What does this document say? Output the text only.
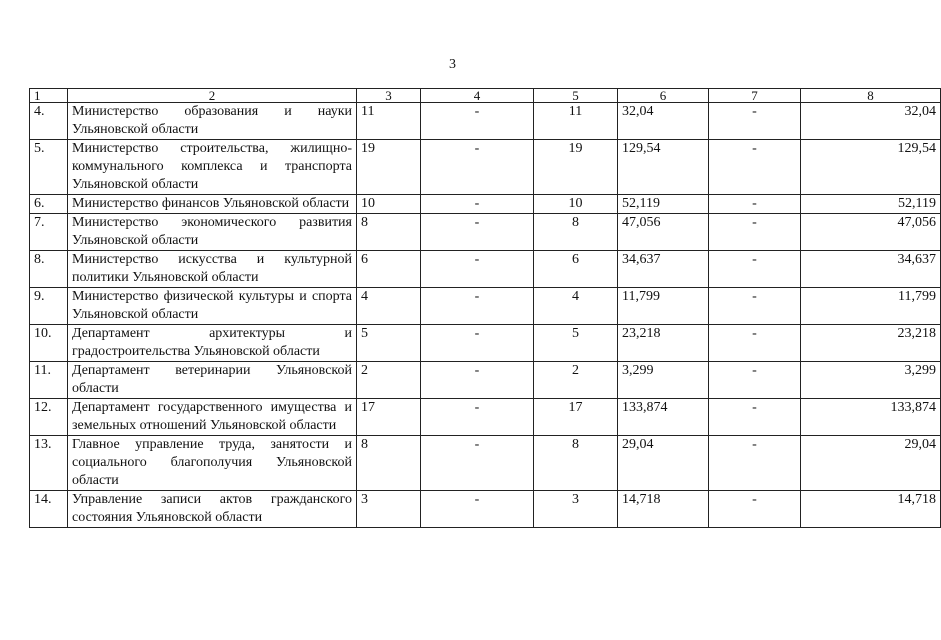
3
1	2	3	4	5	6	7	8
4.	Министерство образования и науки Ульяновской области	11	-	11	32,04	-	32,04
5.	Министерство строительства, жилищно-коммунального комплекса и транспорта Ульяновской области	19	-	19	129,54	-	129,54
6.	Министерство финансов Ульяновской области	10	-	10	52,119	-	52,119
7.	Министерство экономического развития Ульяновской области	8	-	8	47,056	-	47,056
8.	Министерство искусства и культурной политики Ульяновской области	6	-	6	34,637	-	34,637
9.	Министерство физической культуры и спорта Ульяновской области	4	-	4	11,799	-	11,799
10.	Департамент архитектуры и градостроительства Ульяновской области	5	-	5	23,218	-	23,218
11.	Департамент ветеринарии Ульяновской области	2	-	2	3,299	-	3,299
12.	Департамент государственного имущества и земельных отношений Ульяновской области	17	-	17	133,874	-	133,874
13.	Главное управление труда, занятости и социального благополучия Ульяновской области	8	-	8	29,04	-	29,04
14.	Управление записи актов гражданского состояния Ульяновской области	3	-	3	14,718	-	14,718
